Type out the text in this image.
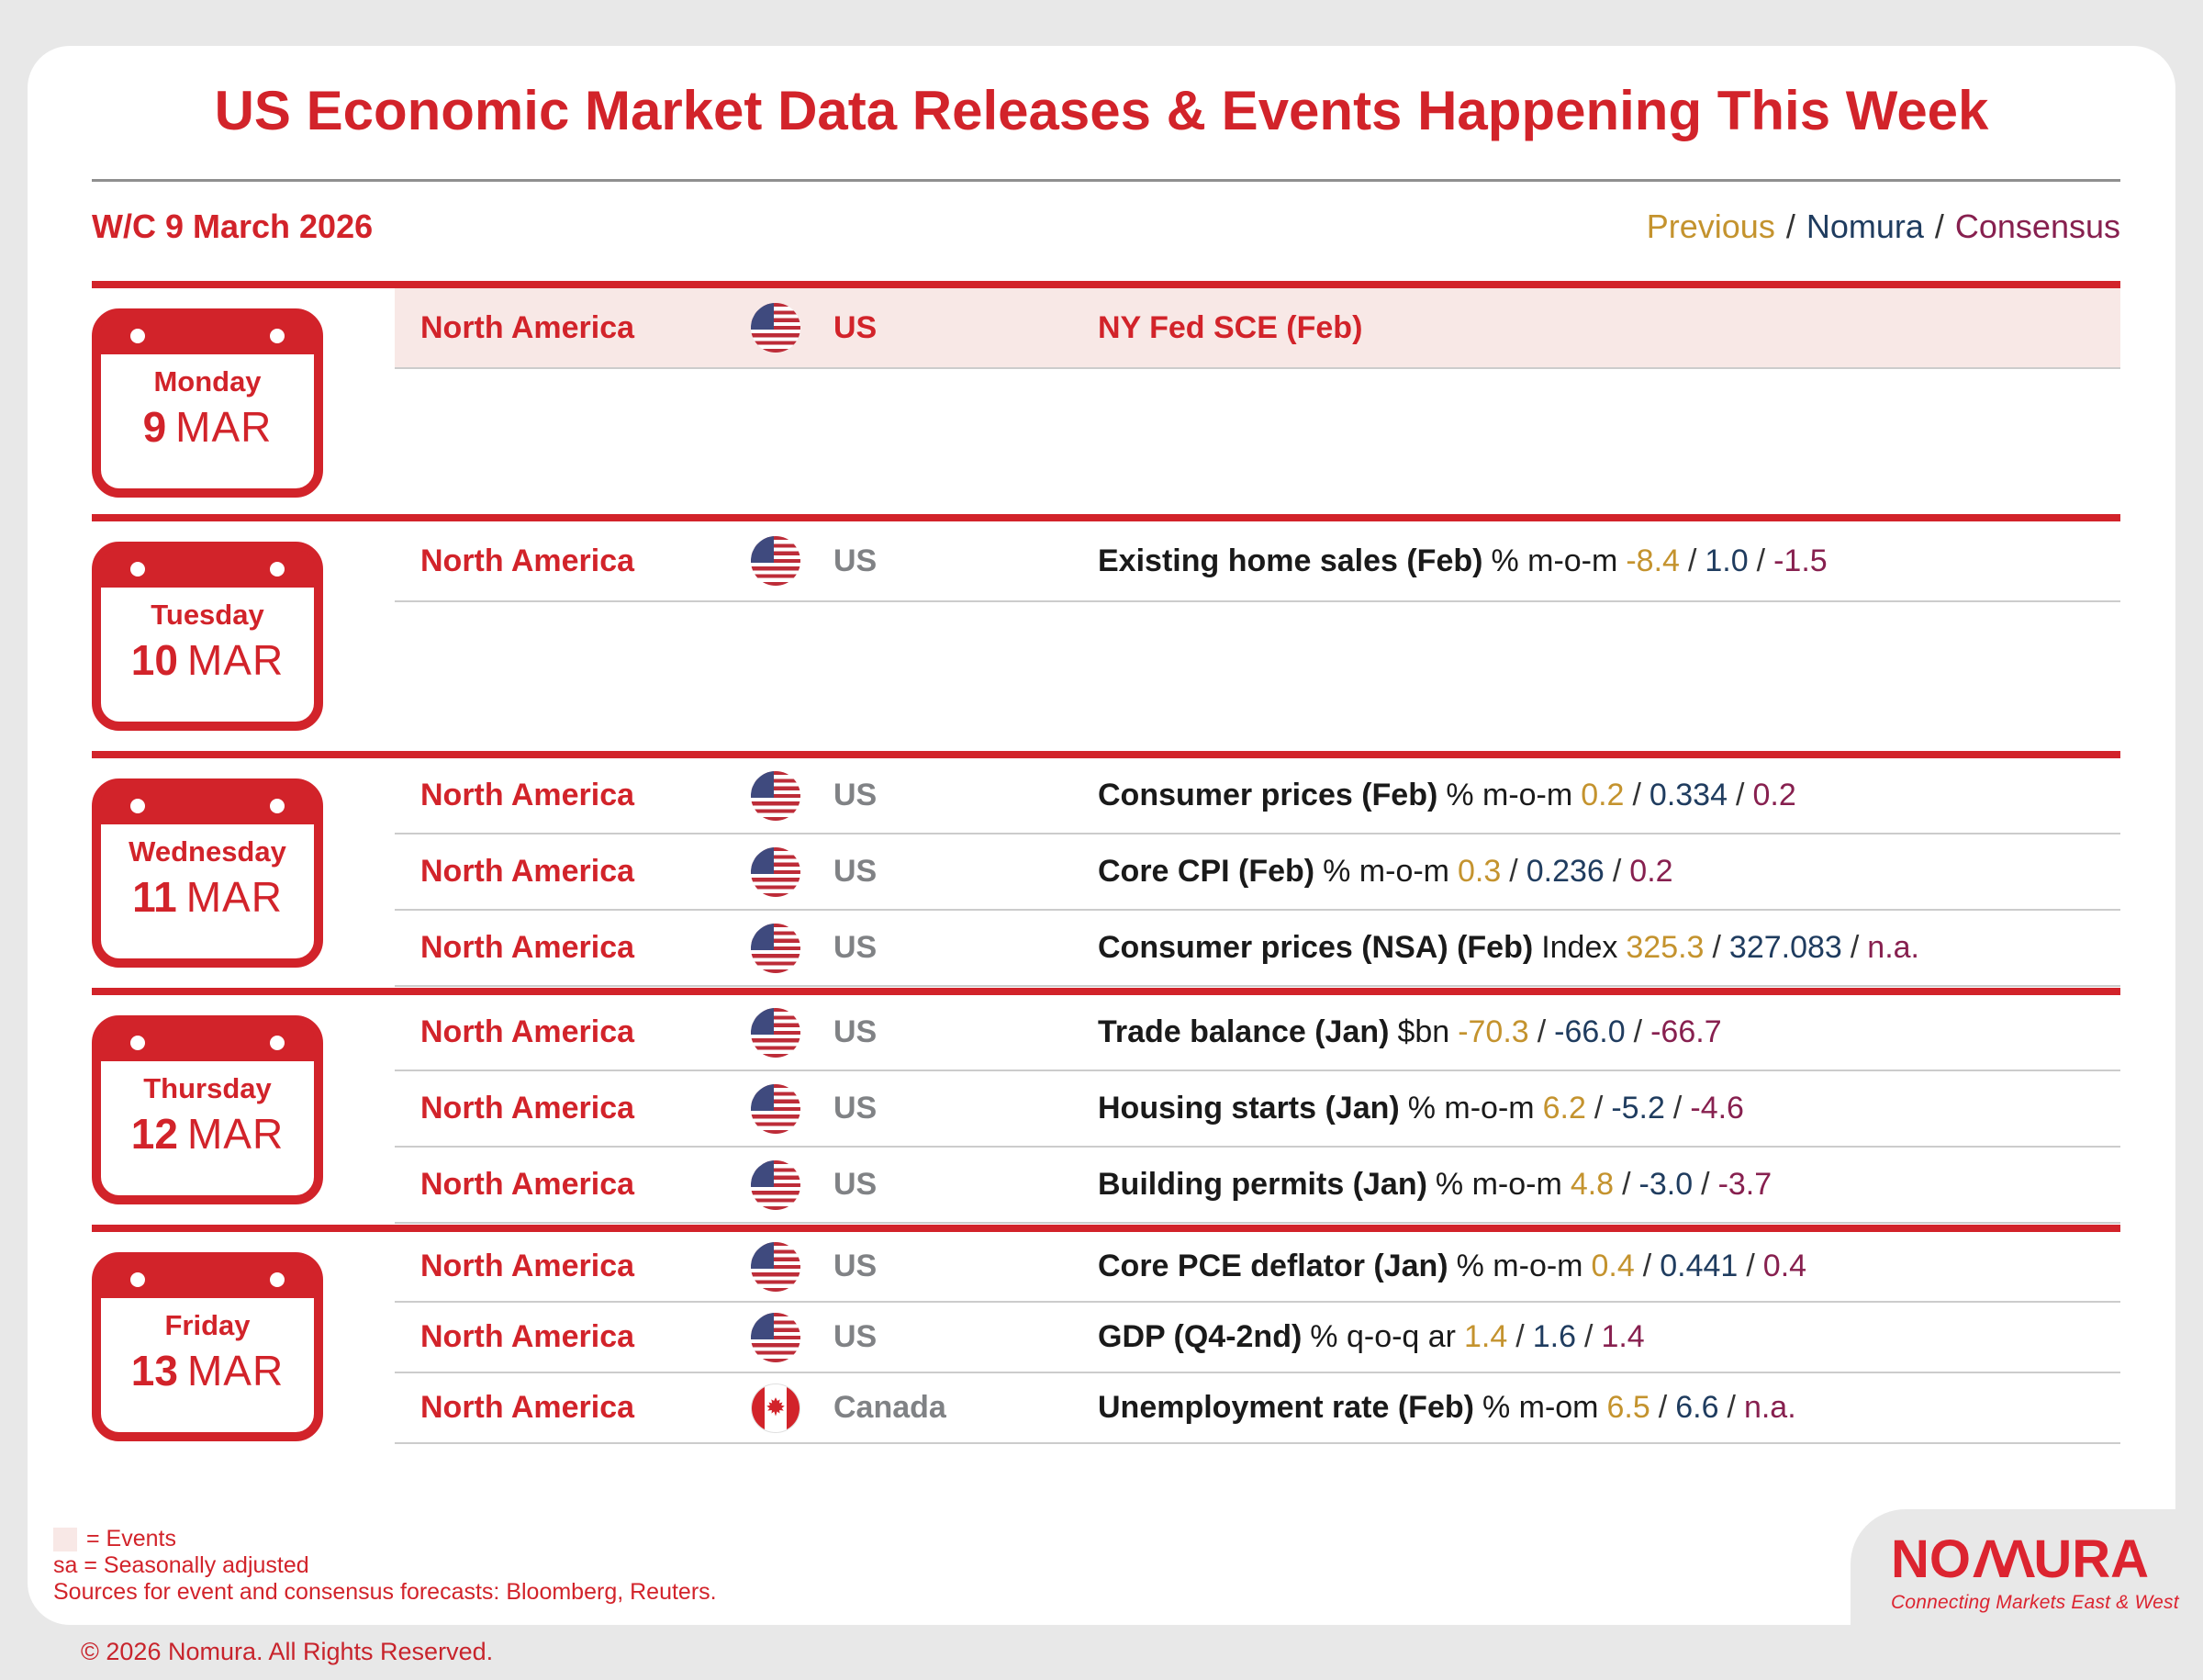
US Economic Market Data Releases & Events Happening This Week
W/C 9 March 2026	Previous / Nomura / Consensus
Monday
9 MAR
North America	US	NY Fed SCE (Feb)
Tuesday
10 MAR
North America	US	Existing home sales (Feb) % m-o-m -8.4 / 1.0 / -1.5
Wednesday
11 MAR
North America	US	Consumer prices (Feb) % m-o-m 0.2 / 0.334 / 0.2
North America	US	Core CPI (Feb) % m-o-m 0.3 / 0.236 / 0.2
North America	US	Consumer prices (NSA) (Feb) Index 325.3 / 327.083 / n.a.
Thursday
12 MAR
North America	US	Trade balance (Jan) $bn -70.3 / -66.0 / -66.7
North America	US	Housing starts (Jan) % m-o-m 6.2 / -5.2 / -4.6
North America	US	Building permits (Jan) % m-o-m 4.8 / -3.0 / -3.7
Friday
13 MAR
North America	US	Core PCE deflator (Jan) % m-o-m 0.4 / 0.441 / 0.4
North America	US	GDP (Q4-2nd) % q-o-q ar 1.4 / 1.6 / 1.4
North America	Canada	Unemployment rate (Feb) % m-om 6.5 / 6.6 / n.a.
= Events
sa = Seasonally adjusted
Sources for event and consensus forecasts: Bloomberg, Reuters.
NOΛΛ URA
Connecting Markets East & West
© 2026 Nomura. All Rights Reserved.
